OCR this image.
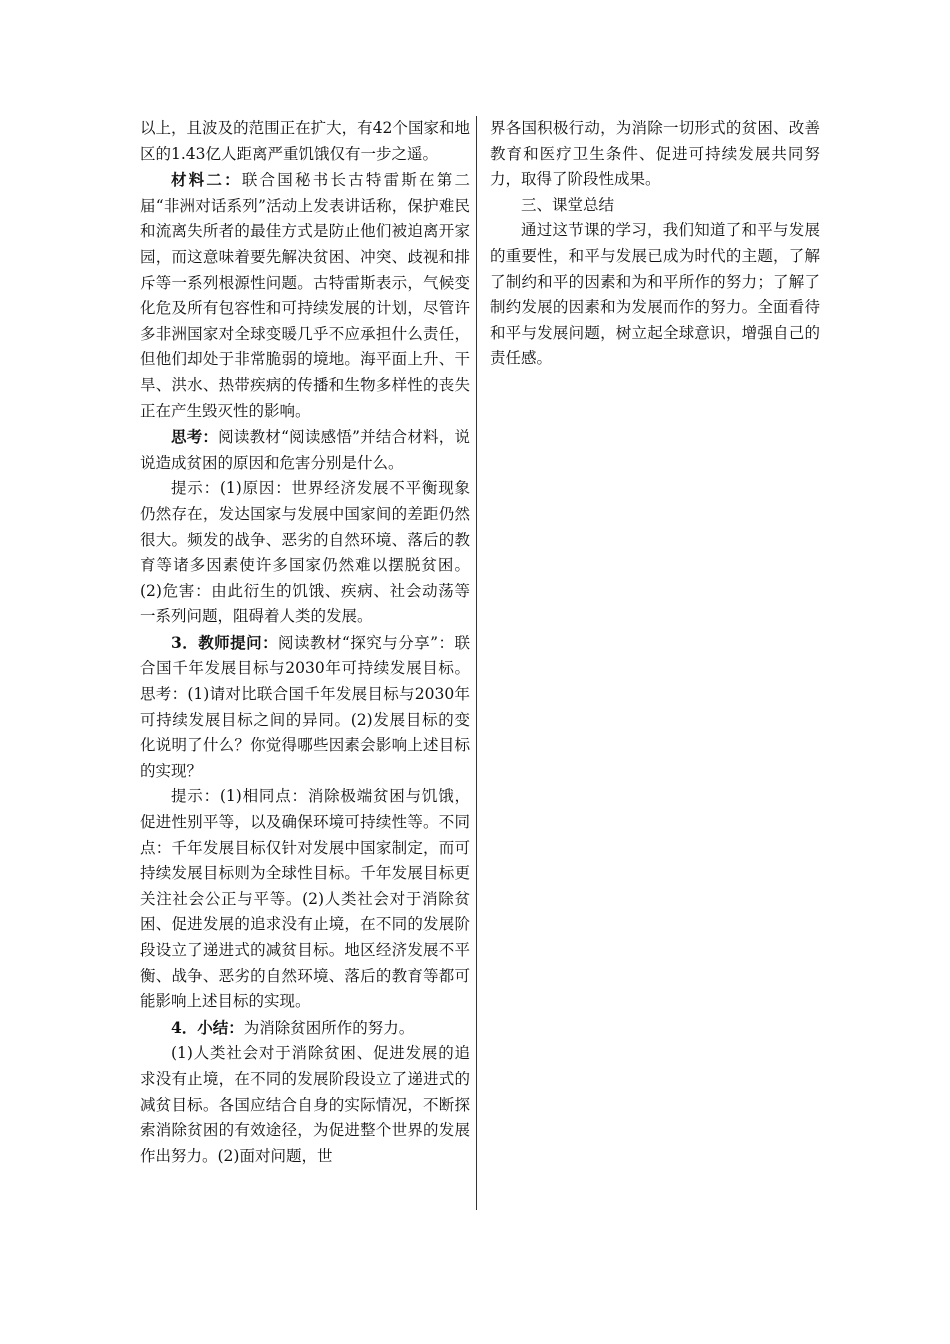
以上，且波及的范围正在扩大，有42个国家和地区的1.43亿人距离严重饥饿仅有一步之遥。

材料二：联合国秘书长古特雷斯在第二届“非洲对话系列”活动上发表讲话称，保护难民和流离失所者的最佳方式是防止他们被迫离开家园，而这意味着要先解决贫困、冲突、歧视和排斥等一系列根源性问题。古特雷斯表示，气候变化危及所有包容性和可持续发展的计划，尽管许多非洲国家对全球变暖几乎不应承担什么责任，但他们却处于非常脆弱的境地。海平面上升、干旱、洪水、热带疾病的传播和生物多样性的丧失正在产生毁灭性的影响。

思考：阅读教材“阅读感悟”并结合材料，说说造成贫困的原因和危害分别是什么。

提示：(1)原因：世界经济发展不平衡现象仍然存在，发达国家与发展中国家间的差距仍然很大。频发的战争、恶劣的自然环境、落后的教育等诸多因素使许多国家仍然难以摆脱贫困。(2)危害：由此衍生的饥饿、疾病、社会动荡等一系列问题，阻碍着人类的发展。

3．教师提问：阅读教材“探究与分享”：联合国千年发展目标与2030年可持续发展目标。思考：(1)请对比联合国千年发展目标与2030年可持续发展目标之间的异同。(2)发展目标的变化说明了什么？你觉得哪些因素会影响上述目标的实现？

提示：(1)相同点：消除极端贫困与饥饿，促进性别平等，以及确保环境可持续性等。不同点：千年发展目标仅针对发展中国家制定，而可持续发展目标则为全球性目标。千年发展目标更关注社会公正与平等。(2)人类社会对于消除贫困、促进发展的追求没有止境，在不同的发展阶段设立了递进式的减贫目标。地区经济发展不平衡、战争、恶劣的自然环境、落后的教育等都可能影响上述目标的实现。

4．小结：为消除贫困所作的努力。

(1)人类社会对于消除贫困、促进发展的追求没有止境，在不同的发展阶段设立了递进式的减贫目标。各国应结合自身的实际情况，不断探索消除贫困的有效途径，为促进整个世界的发展作出努力。(2)面对问题，世

界各国积极行动，为消除一切形式的贫困、改善教育和医疗卫生条件、促进可持续发展共同努力，取得了阶段性成果。

三、课堂总结

通过这节课的学习，我们知道了和平与发展的重要性，和平与发展已成为时代的主题，了解了制约和平的因素和为和平所作的努力；了解了制约发展的因素和为发展而作的努力。全面看待和平与发展问题，树立起全球意识，增强自己的责任感。
